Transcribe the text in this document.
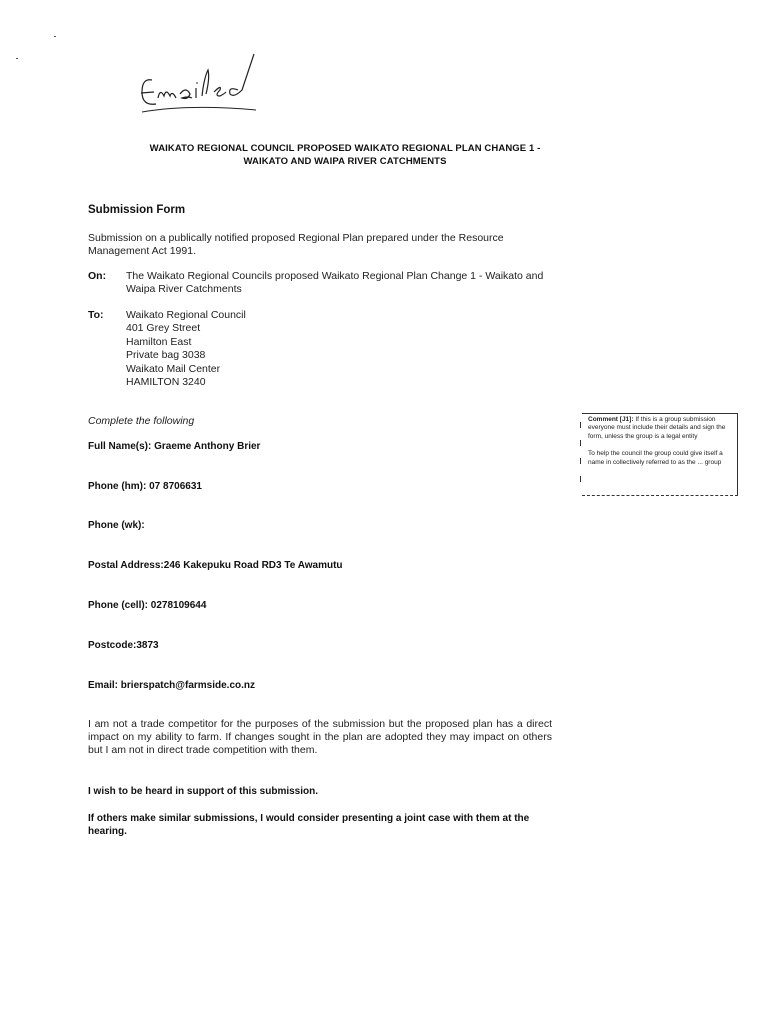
WAIKATO REGIONAL COUNCIL PROPOSED WAIKATO REGIONAL PLAN CHANGE 1 -
WAIKATO AND WAIPA RIVER CATCHMENTS
Submission Form
Submission on a publically notified proposed Regional Plan prepared under the Resource Management Act 1991.
On: The Waikato Regional Councils proposed Waikato Regional Plan Change 1 - Waikato and Waipa River Catchments
To: Waikato Regional Council
401 Grey Street
Hamilton East
Private bag 3038
Waikato Mail Center
HAMILTON 3240
Complete the following
Full Name(s): Graeme Anthony Brier
Phone (hm): 07 8706631
Phone (wk):
Postal Address:246 Kakepuku Road RD3 Te Awamutu
Phone (cell): 0278109644
Postcode:3873
Email: brierspatch@farmside.co.nz
I am not a trade competitor for the purposes of the submission but the proposed plan has a direct impact on my ability to farm. If changes sought in the plan are adopted they may impact on others but I am not in direct trade competition with them.
I wish to be heard in support of this submission.
If others make similar submissions, I would consider presenting a joint case with them at the hearing.
Comment [J1]: If this is a group submission everyone must include their details and sign the form, unless the group is a legal entity
To help the council the group could give itself a name in collectively referred to as the ... group
